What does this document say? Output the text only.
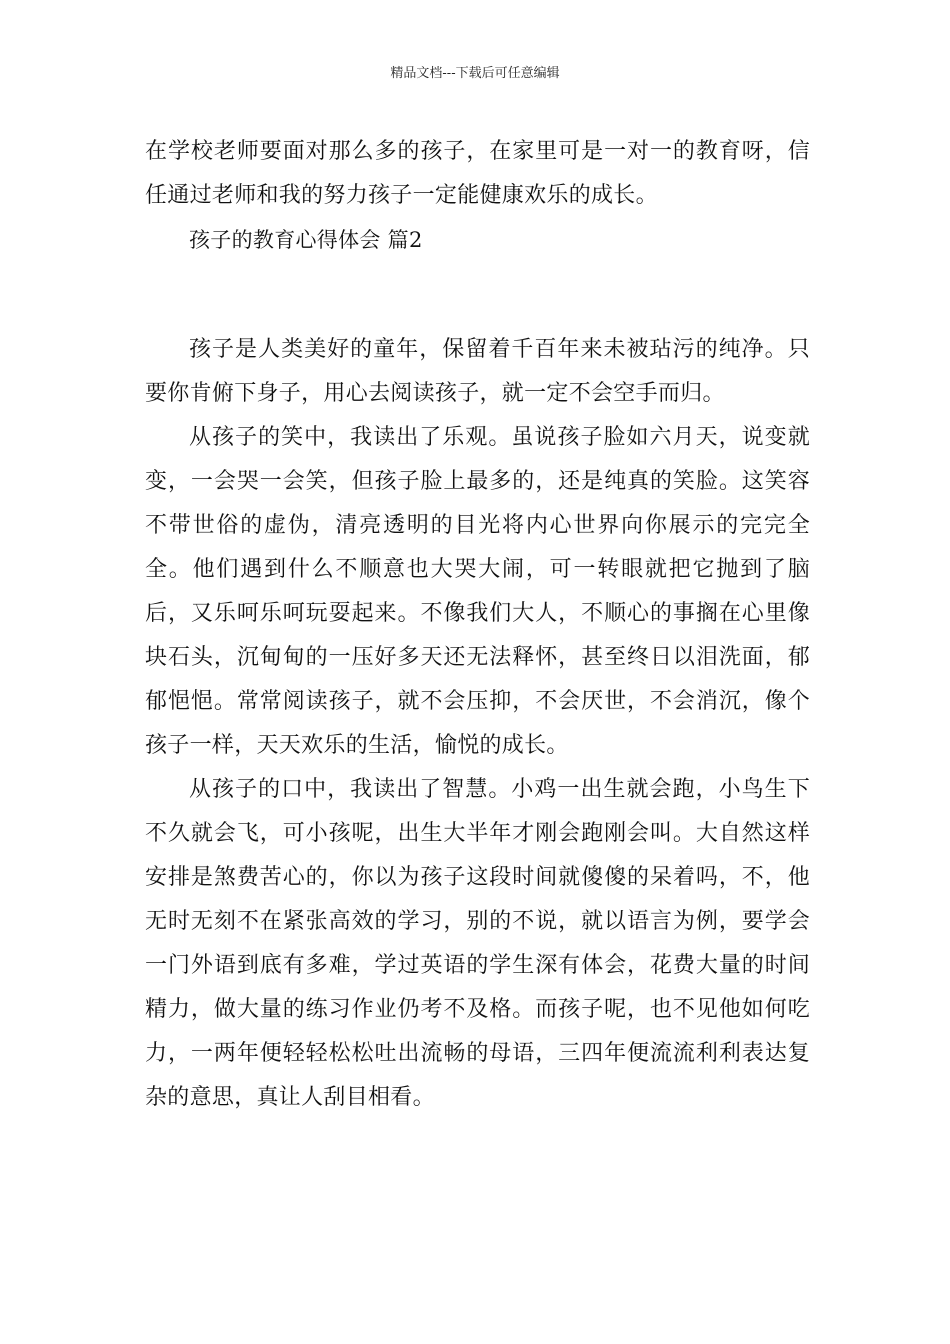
精品文档---下载后可任意编辑

在学校老师要面对那么多的孩子，在家里可是一对一的教育呀，信任通过老师和我的努力孩子一定能健康欢乐的成长。

孩子的教育心得体会 篇2

孩子是人类美好的童年，保留着千百年来未被玷污的纯净。只要你肯俯下身子，用心去阅读孩子，就一定不会空手而归。

从孩子的笑中，我读出了乐观。虽说孩子脸如六月天，说变就变，一会哭一会笑，但孩子脸上最多的，还是纯真的笑脸。这笑容不带世俗的虚伪，清亮透明的目光将内心世界向你展示的完完全全。他们遇到什么不顺意也大哭大闹，可一转眼就把它抛到了脑后，又乐呵乐呵玩耍起来。不像我们大人，不顺心的事搁在心里像块石头，沉甸甸的一压好多天还无法释怀，甚至终日以泪洗面，郁郁悒悒。常常阅读孩子，就不会压抑，不会厌世，不会消沉，像个孩子一样，天天欢乐的生活，愉悦的成长。

从孩子的口中，我读出了智慧。小鸡一出生就会跑，小鸟生下不久就会飞，可小孩呢，出生大半年才刚会跑刚会叫。大自然这样安排是煞费苦心的，你以为孩子这段时间就傻傻的呆着吗，不，他无时无刻不在紧张高效的学习，别的不说，就以语言为例，要学会一门外语到底有多难，学过英语的学生深有体会，花费大量的时间精力，做大量的练习作业仍考不及格。而孩子呢，也不见他如何吃力，一两年便轻轻松松吐出流畅的母语，三四年便流流利利表达复杂的意思，真让人刮目相看。
